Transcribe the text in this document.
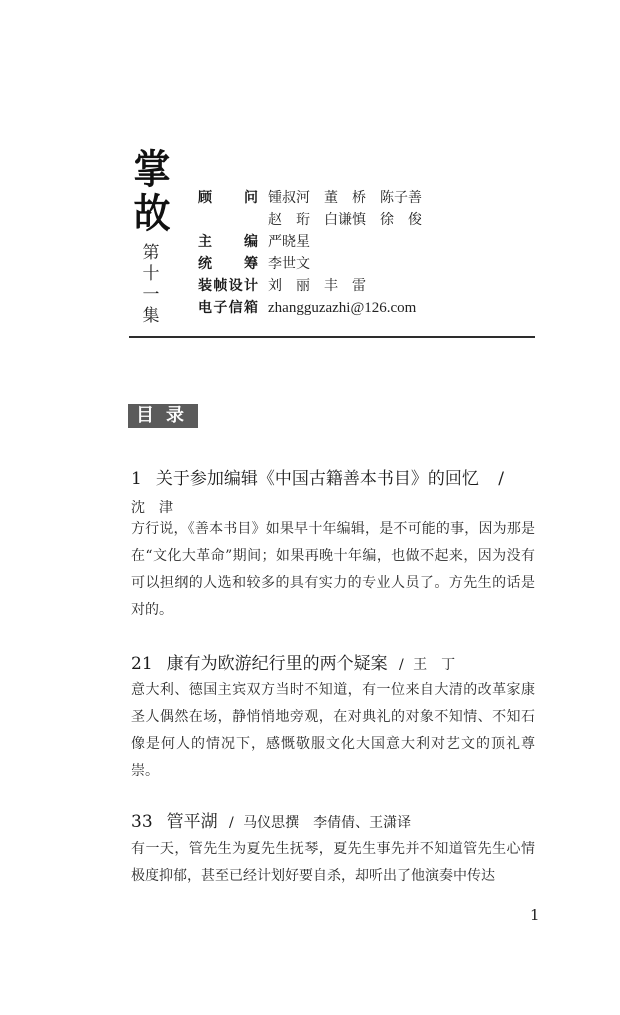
掌
故
第
十
一
集
顾 问 锺叔河　董　桥　陈子善
赵　珩　白谦慎　徐　俊
主 编 严晓星
统 筹 李世文
装 帧 设 计 刘　丽　丰　雷
电 子 信 箱 zhangguzazhi@126.com
目录
1 关于参加编辑《中国古籍善本书目》的回忆 /
沈　津
方行说，《善本书目》如果早十年编辑，是不可能的事，因为那是在“文化大革命”期间；如果再晚十年编，也做不起来，因为没有可以担纲的人选和较多的具有实力的专业人员了。方先生的话是对的。
21 康有为欧游纪行里的两个疑案 / 王　丁
意大利、德国主宾双方当时不知道，有一位来自大清的改革家康圣人偶然在场，静悄悄地旁观，在对典礼的对象不知情、不知石像是何人的情况下，感慨敬服文化大国意大利对艺文的顶礼尊崇。
33 管平湖 / 马仪思撰　李倩倩、王潇译
有一天，管先生为夏先生抚琴，夏先生事先并不知道管先生心情极度抑郁，甚至已经计划好要自杀，却听出了他演奏中传达
1
